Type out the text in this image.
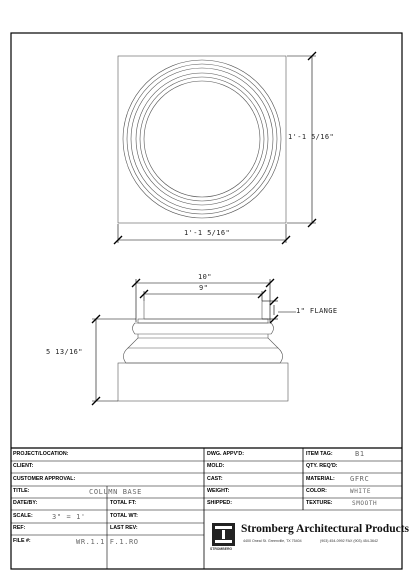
1'-1 5/16"
1'-1 5/16"
10"
9"
1" FLANGE
5 13/16"
PROJECT/LOCATION:
CLIENT:
CUSTOMER APPROVAL:
TITLE:	COLUMN BASE
DATE/BY:	TOTAL FT:
SCALE:	3" = 1'	TOTAL WT:
REF:	LAST REV:
FILE #:	WR.1.1.F.1.RO
DWG. APPV'D:
MOLD:
CAST:
WEIGHT:
SHIPPED:
ITEM TAG:	B1
QTY. REQ'D:
MATERIAL: GFRC
COLOR:	WHITE
TEXTURE:	SMOOTH
STROMBERG
Stromberg Architectural Products
4400 Oneal St. Greenville, TX 75404	(903) 454-0992 FAX (903) 454-3642
